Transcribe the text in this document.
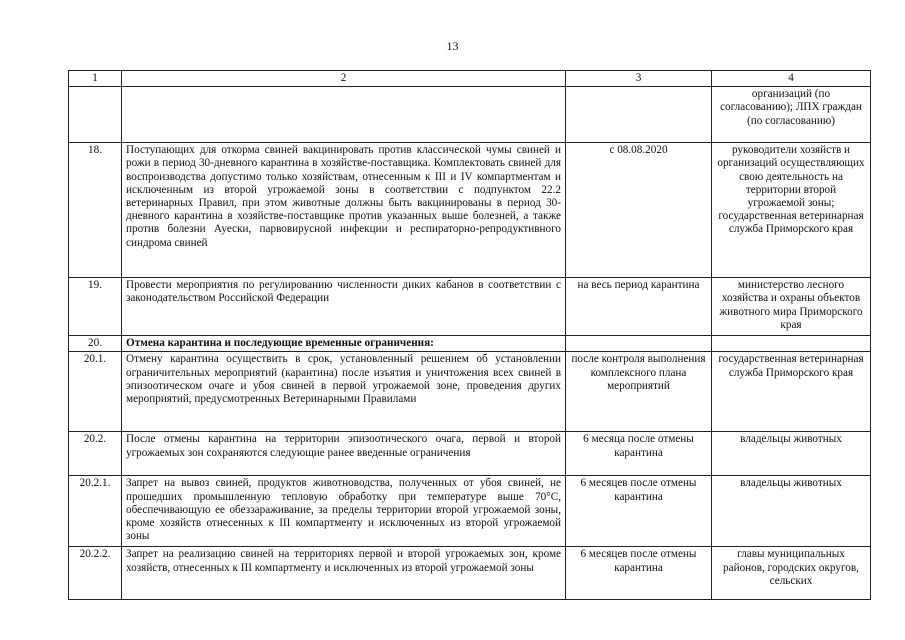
13
1	2	3	4
			организаций (по согласованию); ЛПХ граждан (по согласованию)
18.	Поступающих для откорма свиней вакцинировать против классической чумы свиней и рожи в период 30-дневного карантина в хозяйстве-поставщика. Комплектовать свиней для воспроизводства допустимо только хозяйствам, отнесенным к III и IV компартментам и исключенным из второй угрожаемой зоны в соответствии с подпунктом 22.2 ветеринарных Правил, при этом животные должны быть вакцинированы в период 30-дневного карантина в хозяйстве-поставщике против указанных выше болезней, а также против болезни Ауески, парвовирусной инфекции и респираторно-репродуктивного синдрома свиней	с 08.08.2020	руководители хозяйств и организаций осуществляющих свою деятельность на территории второй угрожаемой зоны; государственная ветеринарная служба Приморского края
19.	Провести мероприятия по регулированию численности диких кабанов в соответствии с законодательством Российской Федерации	на весь период карантина	министерство лесного хозяйства и охраны объектов животного мира Приморского края
20.	Отмена карантина и последующие временные ограничения:		
20.1.	Отмену карантина осуществить в срок, установленный решением об установлении ограничительных мероприятий (карантина) после изъятия и уничтожения всех свиней в эпизоотическом очаге и убоя свиней в первой угрожаемой зоне, проведения других мероприятий, предусмотренных Ветеринарными Правилами	после контроля выполнения комплексного плана мероприятий	государственная ветеринарная служба Приморского края
20.2.	После отмены карантина на территории эпизоотического очага, первой и второй угрожаемых зон сохраняются следующие ранее введенные ограничения	6 месяца после отмены карантина	владельцы животных
20.2.1.	Запрет на вывоз свиней, продуктов животноводства, полученных от убоя свиней, не прошедших промышленную тепловую обработку при температуре выше 70°С, обеспечивающую ее обеззараживание, за пределы территории второй угрожаемой зоны, кроме хозяйств отнесенных к III компартменту и исключенных из второй угрожаемой зоны	6 месяцев после отмены карантина	владельцы животных
20.2.2.	Запрет на реализацию свиней на территориях первой и второй угрожаемых зон, кроме хозяйств, отнесенных к III компартменту и исключенных из второй угрожаемой зоны	6 месяцев после отмены карантина	главы муниципальных районов, городских округов, сельских
